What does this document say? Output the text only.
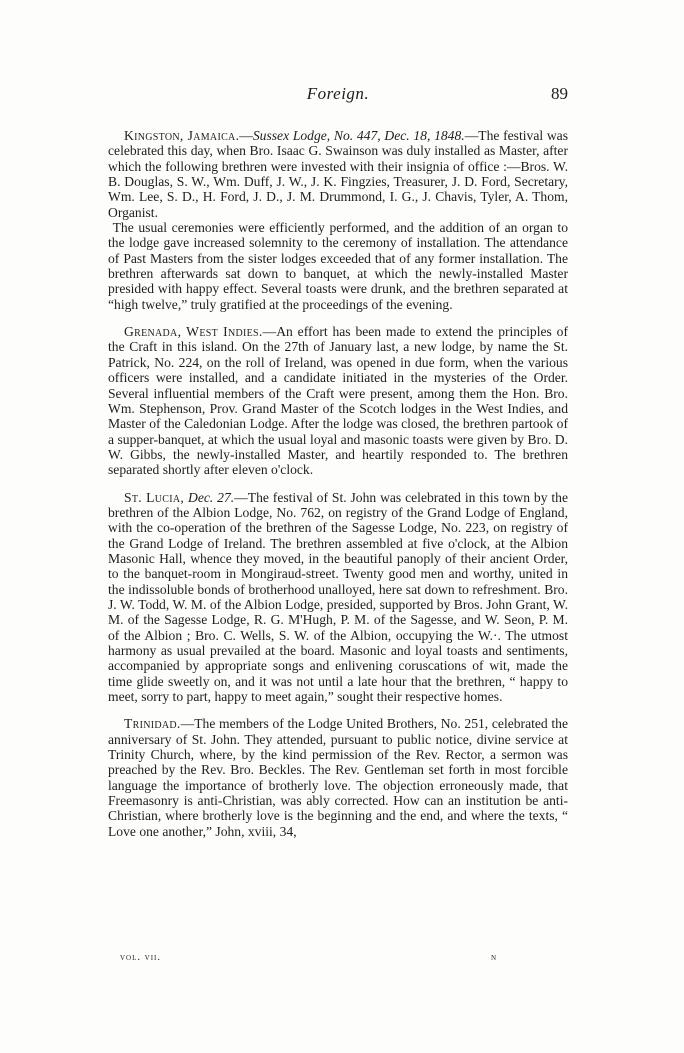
Foreign.	89

Kingston, Jamaica.—Sussex Lodge, No. 447, Dec. 18, 1848.—The festival was celebrated this day, when Bro. Isaac G. Swainson was duly installed as Master, after which the following brethren were invested with their insignia of office :—Bros. W. B. Douglas, S. W., Wm. Duff, J. W., J. K. Fingzies, Treasurer, J. D. Ford, Secretary, Wm. Lee, S. D., H. Ford, J. D., J. M. Drummond, I. G., J. Chavis, Tyler, A. Thom, Organist.

The usual ceremonies were efficiently performed, and the addition of an organ to the lodge gave increased solemnity to the ceremony of installation. The attendance of Past Masters from the sister lodges exceeded that of any former installation. The brethren afterwards sat down to banquet, at which the newly-installed Master presided with happy effect. Several toasts were drunk, and the brethren separated at “high twelve,” truly gratified at the proceedings of the evening.

Grenada, West Indies.—An effort has been made to extend the principles of the Craft in this island. On the 27th of January last, a new lodge, by name the St. Patrick, No. 224, on the roll of Ireland, was opened in due form, when the various officers were installed, and a candidate initiated in the mysteries of the Order. Several influential members of the Craft were present, among them the Hon. Bro. Wm. Stephenson, Prov. Grand Master of the Scotch lodges in the West Indies, and Master of the Caledonian Lodge. After the lodge was closed, the brethren partook of a supper-banquet, at which the usual loyal and masonic toasts were given by Bro. D. W. Gibbs, the newly-installed Master, and heartily responded to. The brethren separated shortly after eleven o'clock.

St. Lucia, Dec. 27.—The festival of St. John was celebrated in this town by the brethren of the Albion Lodge, No. 762, on registry of the Grand Lodge of England, with the co-operation of the brethren of the Sagesse Lodge, No. 223, on registry of the Grand Lodge of Ireland. The brethren assembled at five o'clock, at the Albion Masonic Hall, whence they moved, in the beautiful panoply of their ancient Order, to the banquet-room in Mongiraud-street. Twenty good men and worthy, united in the indissoluble bonds of brotherhood unalloyed, here sat down to refreshment. Bro. J. W. Todd, W. M. of the Albion Lodge, presided, supported by Bros. John Grant, W. M. of the Sagesse Lodge, R. G. M'Hugh, P. M. of the Sagesse, and W. Seon, P. M. of the Albion ; Bro. C. Wells, S. W. of the Albion, occupying the W.·. The utmost harmony as usual prevailed at the board. Masonic and loyal toasts and sentiments, accompanied by appropriate songs and enlivening coruscations of wit, made the time glide sweetly on, and it was not until a late hour that the brethren, “ happy to meet, sorry to part, happy to meet again,” sought their respective homes.

Trinidad.—The members of the Lodge United Brothers, No. 251, celebrated the anniversary of St. John. They attended, pursuant to public notice, divine service at Trinity Church, where, by the kind permission of the Rev. Rector, a sermon was preached by the Rev. Bro. Beckles. The Rev. Gentleman set forth in most forcible language the importance of brotherly love. The objection erroneously made, that Freemasonry is anti-Christian, was ably corrected. How can an institution be anti-Christian, where brotherly love is the beginning and the end, and where the texts, “ Love one another,” John, xviii, 34,

vol. vii.	n
